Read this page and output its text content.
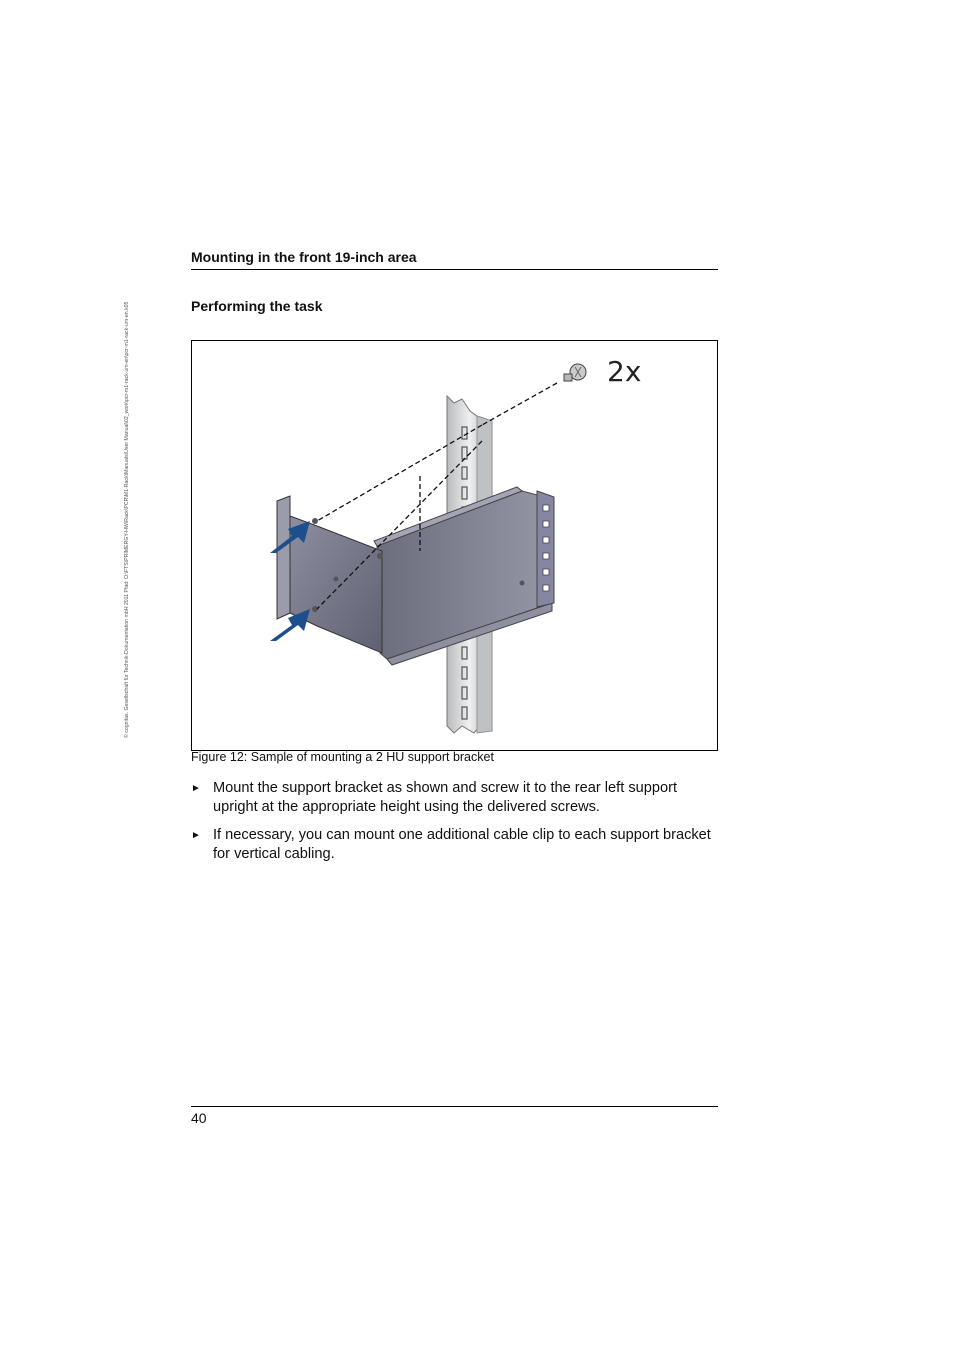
© cognitas. Gesellschaft für Technik-Dokumentation mbH 2011 Pfad: O:\FTS\PRIMERGY-HW\Rack\PCR\M1-Rack\Manuals\User Manual\02_work\pcr-m1-rack-um-en\pcr-m1-rack-um-en.k05
Mounting in the front 19-inch area
Performing the task
2x
Figure 12: Sample of mounting a 2 HU support bracket
► Mount the support bracket as shown and screw it to the rear left support upright at the appropriate height using the delivered screws.
► If necessary, you can mount one additional cable clip to each support bracket for vertical cabling.
40
